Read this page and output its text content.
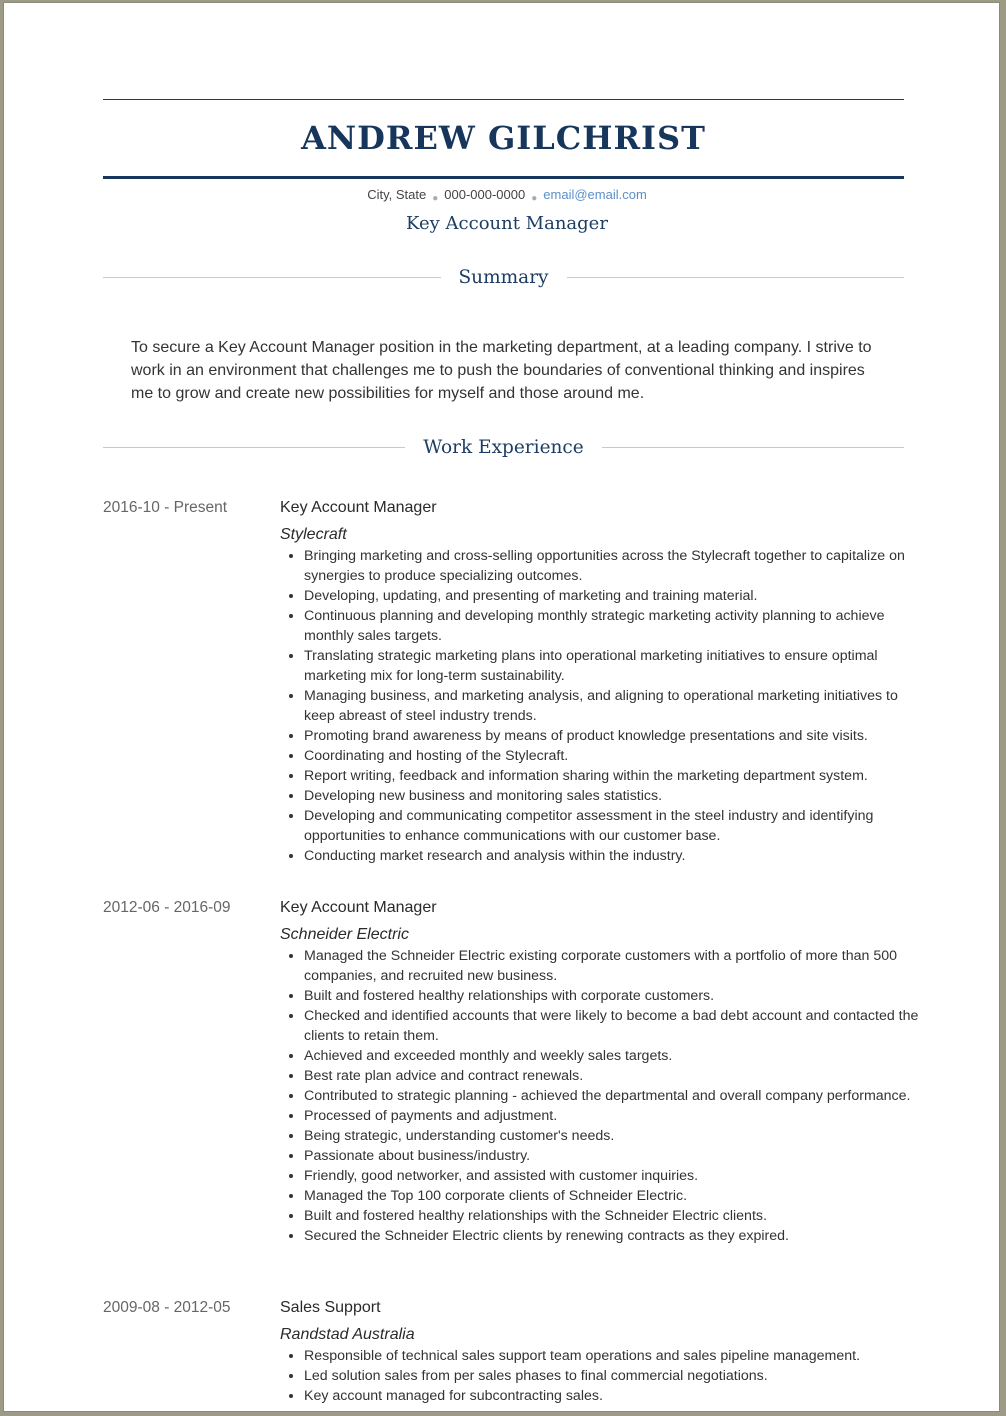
ANDREW GILCHRIST
City, State ● 000-000-0000 ● email@email.com
Key Account Manager
Summary

To secure a Key Account Manager position in the marketing department, at a leading company. I strive to work in an environment that challenges me to push the boundaries of conventional thinking and inspires me to grow and create new possibilities for myself and those around me.

Work Experience
2016-10 - Present	Key Account Manager
Stylecraft
• Bringing marketing and cross-selling opportunities across the Stylecraft together to capitalize on synergies to produce specializing outcomes.
• Developing, updating, and presenting of marketing and training material.
• Continuous planning and developing monthly strategic marketing activity planning to achieve monthly sales targets.
• Translating strategic marketing plans into operational marketing initiatives to ensure optimal marketing mix for long-term sustainability.
• Managing business, and marketing analysis, and aligning to operational marketing initiatives to keep abreast of steel industry trends.
• Promoting brand awareness by means of product knowledge presentations and site visits.
• Coordinating and hosting of the Stylecraft.
• Report writing, feedback and information sharing within the marketing department system.
• Developing new business and monitoring sales statistics.
• Developing and communicating competitor assessment in the steel industry and identifying opportunities to enhance communications with our customer base.
• Conducting market research and analysis within the industry.
2012-06 - 2016-09	Key Account Manager
Schneider Electric
• Managed the Schneider Electric existing corporate customers with a portfolio of more than 500 companies, and recruited new business.
• Built and fostered healthy relationships with corporate customers.
• Checked and identified accounts that were likely to become a bad debt account and contacted the clients to retain them.
• Achieved and exceeded monthly and weekly sales targets.
• Best rate plan advice and contract renewals.
• Contributed to strategic planning - achieved the departmental and overall company performance.
• Processed of payments and adjustment.
• Being strategic, understanding customer's needs.
• Passionate about business/industry.
• Friendly, good networker, and assisted with customer inquiries.
• Managed the Top 100 corporate clients of Schneider Electric.
• Built and fostered healthy relationships with the Schneider Electric clients.
• Secured the Schneider Electric clients by renewing contracts as they expired.
2009-08 - 2012-05	Sales Support
Randstad Australia
• Responsible of technical sales support team operations and sales pipeline management.
• Led solution sales from per sales phases to final commercial negotiations.
• Key account managed for subcontracting sales.
